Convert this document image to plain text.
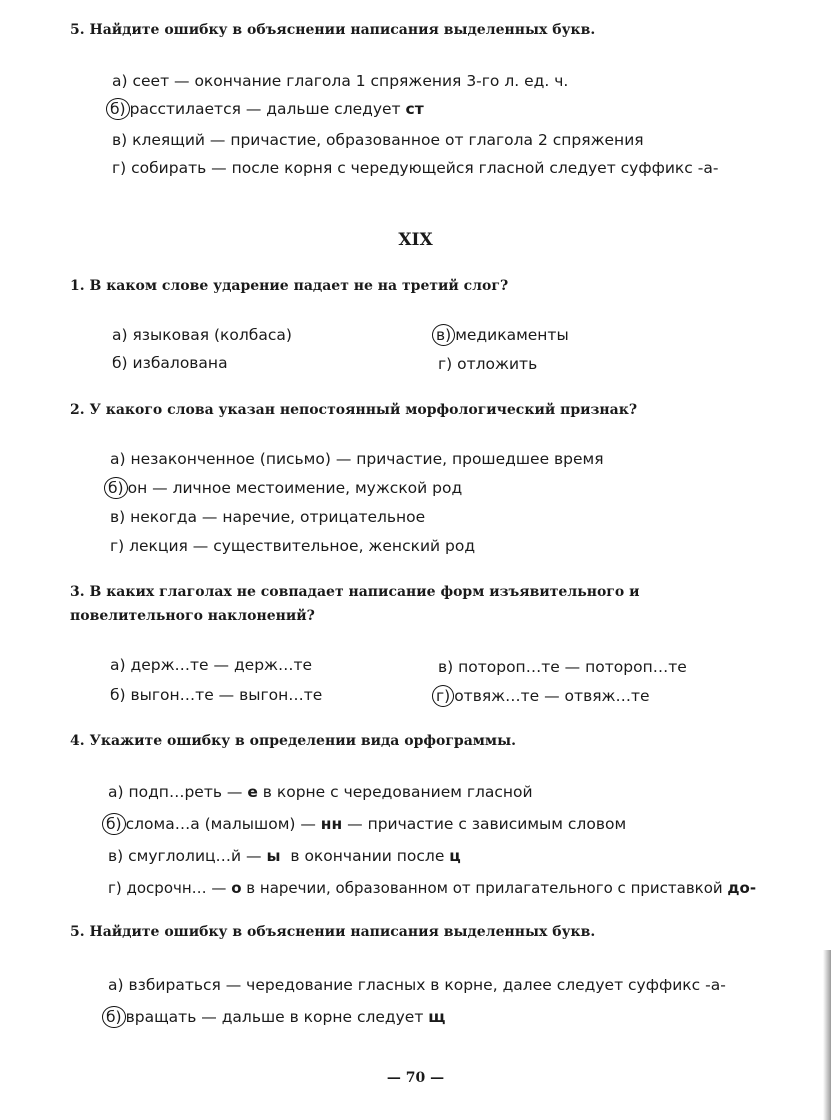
5. Найдите ошибку в объяснении написания выделенных букв.
а) сеет — окончание глагола 1 спряжения 3-го л. ед. ч.
б) расстилается — дальше следует ст
в) клеящий — причастие, образованное от глагола 2 спряжения
г) собирать — после корня с чередующейся гласной следует суффикс -а-
XIX
1. В каком слове ударение падает не на третий слог?
а) языковая (колбаса)
б) избалована
в) медикаменты
г) отложить
2. У какого слова указан непостоянный морфологический признак?
а) незаконченное (письмо) — причастие, прошедшее время
б) он — личное местоимение, мужской род
в) некогда — наречие, отрицательное
г) лекция — существительное, женский род
3. В каких глаголах не совпадает написание форм изъявительного и повелительного наклонений?
а) держ…те — держ…те
б) выгон…те — выгон…те
в) потороп…те — потороп…те
г) отвяж…те — отвяж…те
4. Укажите ошибку в определении вида орфограммы.
а) подп…реть — е в корне с чередованием гласной
б) слома…а (малышом) — нн — причастие с зависимым словом
в) смуглолиц…й — ы  в окончании после ц
г) досрочн… — о в наречии, образованном от прилагательного с приставкой до-
5. Найдите ошибку в объяснении написания выделенных букв.
а) взбираться — чередование гласных в корне, далее следует суффикс -а-
б) вращать — дальше в корне следует щ
— 70 —
